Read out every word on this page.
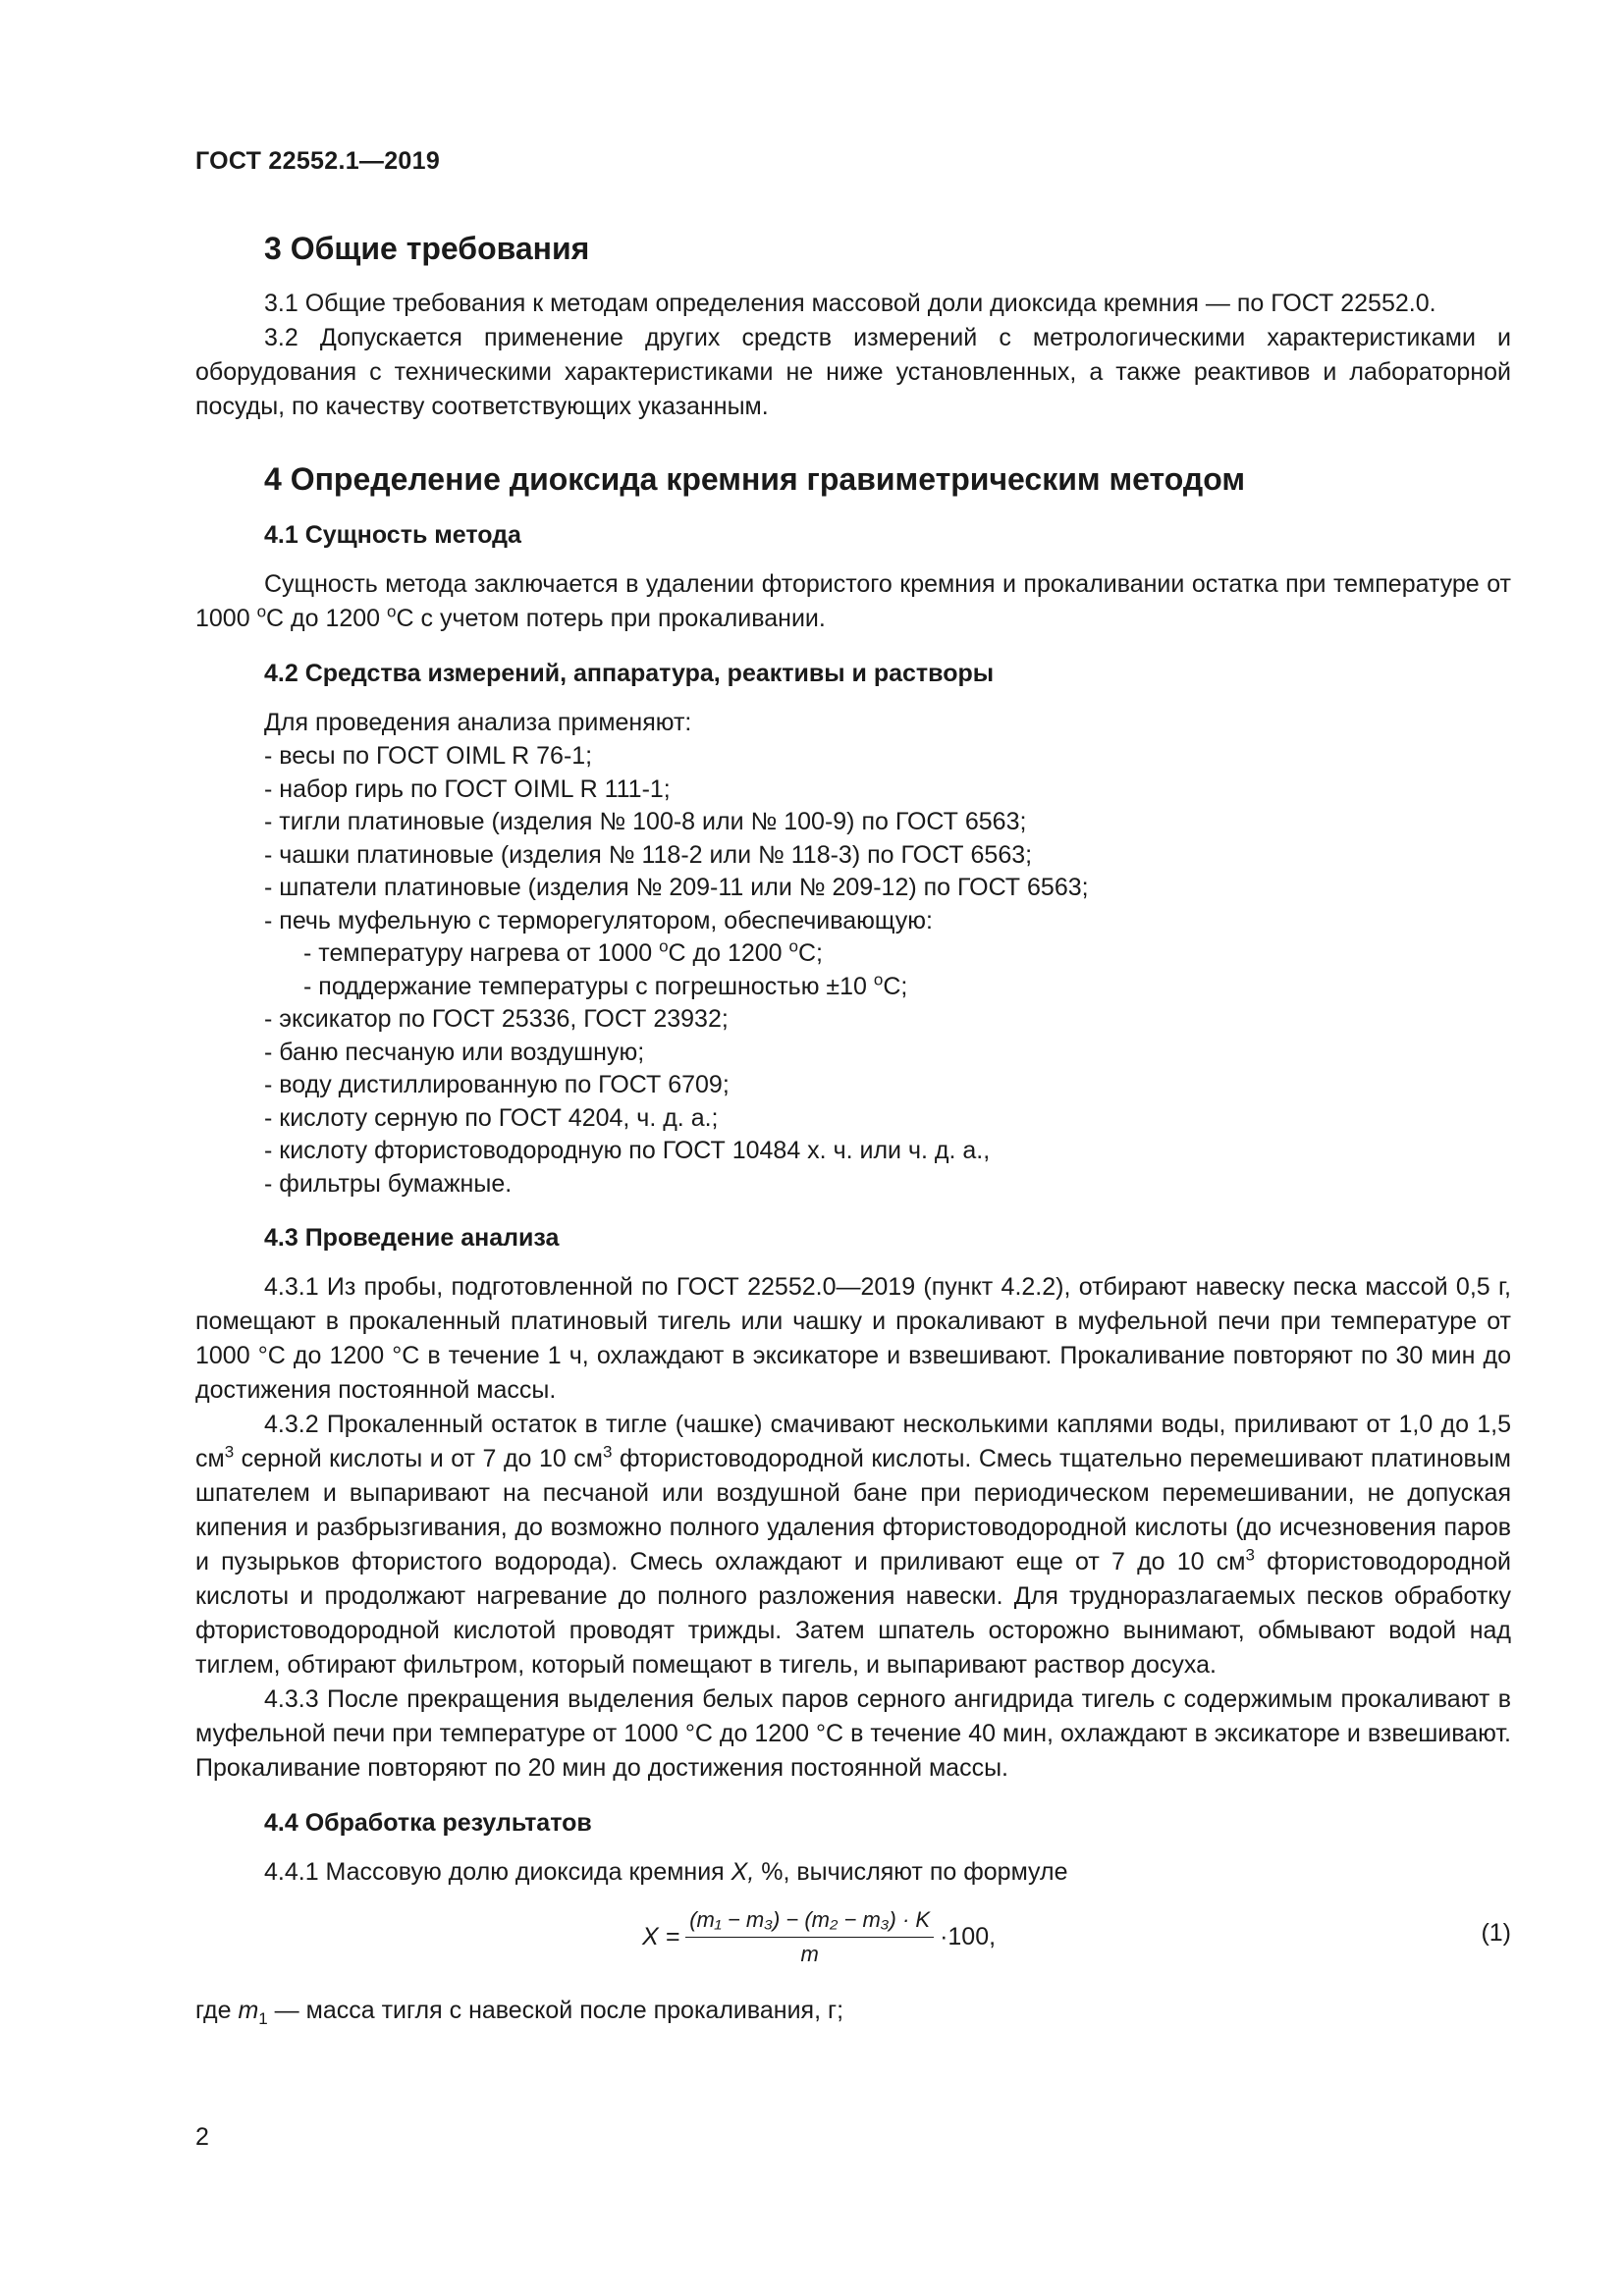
ГОСТ 22552.1—2019
3 Общие требования

3.1 Общие требования к методам определения массовой доли диоксида кремния — по ГОСТ 22552.0.

3.2 Допускается применение других средств измерений с метрологическими характеристиками и оборудования с техническими характеристиками не ниже установленных, а также реактивов и лабораторной посуды, по качеству соответствующих указанным.

4 Определение диоксида кремния гравиметрическим методом
4.1 Сущность метода

Сущность метода заключается в удалении фтористого кремния и прокаливании остатка при температуре от 1000 $^о$С до 1200 $^о$С с учетом потерь при прокаливании.

4.2 Средства измерений, аппаратура, реактивы и растворы

Для проведения анализа применяют:

- весы по ГОСТ OIML R 76-1;
- набор гирь по ГОСТ OIML R 111-1;
- тигли платиновые (изделия № 100-8 или № 100-9) по ГОСТ 6563;
- чашки платиновые (изделия № 118-2 или № 118-3) по ГОСТ 6563;
- шпатели платиновые (изделия № 209-11 или № 209-12) по ГОСТ 6563;
- печь муфельную с терморегулятором, обеспечивающую:
- температуру нагрева от 1000 $^о$С до 1200 $^о$С;
- поддержание температуры с погрешностью ±10 $^о$С;
- эксикатор по ГОСТ 25336, ГОСТ 23932;
- баню песчаную или воздушную;
- воду дистиллированную по ГОСТ 6709;
- кислоту серную по ГОСТ 4204, ч. д. а.;
- кислоту фтористоводородную по ГОСТ 10484 х. ч. или ч. д. а.,
- фильтры бумажные.
4.3 Проведение анализа

4.3.1 Из пробы, подготовленной по ГОСТ 22552.0—2019 (пункт 4.2.2), отбирают навеску песка массой 0,5 г, помещают в прокаленный платиновый тигель или чашку и прокаливают в муфельной печи при температуре от 1000 °С до 1200 °С в течение 1 ч, охлаждают в эксикаторе и взвешивают. Прокаливание повторяют по 30 мин до достижения постоянной массы.

4.3.2 Прокаленный остаток в тигле (чашке) смачивают несколькими каплями воды, приливают от 1,0 до 1,5 $см^3$ серной кислоты и от 7 до 10 $см^3$ фтористоводородной кислоты. Смесь тщательно перемешивают платиновым шпателем и выпаривают на песчаной или воздушной бане при периодическом перемешивании, не допуская кипения и разбрызгивания, до возможно полного удаления фтористоводородной кислоты (до исчезновения паров и пузырьков фтористого водорода). Смесь охлаждают и приливают еще от 7 до 10 $см^3$ фтористоводородной кислоты и продолжают нагревание до полного разложения навески. Для трудноразлагаемых песков обработку фтористоводородной кислотой проводят трижды. Затем шпатель осторожно вынимают, обмывают водой над тиглем, обтирают фильтром, который помещают в тигель, и выпаривают раствор досуха.

4.3.3 После прекращения выделения белых паров серного ангидрида тигель с содержимым прокаливают в муфельной печи при температуре от 1000 °С до 1200 °С в течение 40 мин, охлаждают в эксикаторе и взвешивают. Прокаливание повторяют по 20 мин до достижения постоянной массы.

4.4 Обработка результатов

4.4.1 Массовую долю диоксида кремния X, %, вычисляют по формуле

$X = \frac{\text{(m₁ − m₃) − (m₂ − m₃) · K}}{m} \cdot 100$,	(1)

где $m_1$ — масса тигля с навеской после прокаливания, г;

2
